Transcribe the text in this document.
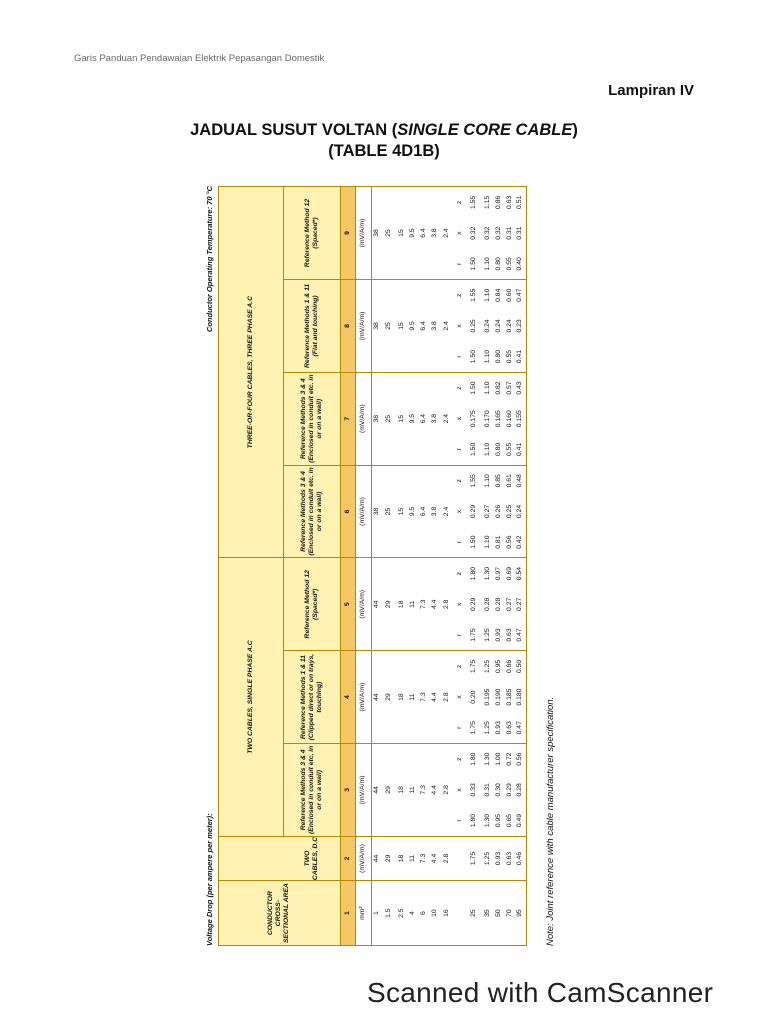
Garis Panduan Pendawaian Elektrik Pepasangan Domestik
Lampiran IV
JADUAL SUSUT VOLTAN (SINGLE CORE CABLE)
(TABLE 4D1B)
Voltage Drop (per ampere per meter):
Conductor Operating Temperature: 70 °C
CONDUCTOR CROSS-SECTIONAL AREA		TWO CABLES, SINGLE PHASE A.C									THREE-OR-FOUR CABLES, THREE PHASE A.C											
	TWO CABLES, D.C	Reference Methods 3 & 4 (Enclosed in conduit etc. in or on a wall)			Reference Methods 1 & 11 (Clipped direct or on trays, touching)			Reference Method 12 (Spaced*)			Reference Methods 3 & 4 (Enclosed in conduit etc. in or on a wall)			Reference Methods 3 & 4 (Enclosed in conduit etc. in or on a wall)			Reference Methods 1 & 11 (Flat and touching)			Reference Method 12 (Spaced*)		
1	2	3			4			5			6			7			8			9		
mm²	(mV/A/m)	(mV/A/m)			(mV/A/m)			(mV/A/m)			(mV/A/m)			(mV/A/m)			(mV/A/m)			(mV/A/m)		
1	44	44			44			44			38			38			38			38		
1.5	29	29			29			29			25			25			25			25		
2.5	18	18			18			18			15			15			15			15		
4	11	11			11			11			9.5			9.5			9.5			9.5		
6	7.3	7.3			7.3			7.3			6.4			6.4			6.4			6.4		
10	4.4	4.4			4.4			4.4			3.8			3.8			3.8			3.8		
16	2.8	2.8			2.8			2.8			2.4			2.4			2.4			2.4		
		r	x	z	r	x	z	r	x	z	r	x	z	r	x	z	r	x	z	r	x	z
25	1.75	1.80	0.33	1.80	1.75	0.20	1.75	1.75	0.29	1.80	1.50	0.29	1.55	1.50	0.175	1.50	1.50	0.25	1.55	1.50	0.32	1.55
35	1.25	1.30	0.31	1.30	1.25	0.195	1.25	1.25	0.28	1.30	1.10	0.27	1.10	1.10	0.170	1.10	1.10	0.24	1.10	1.10	0.32	1.15
50	0.93	0.95	0.30	1.00	0.93	0.190	0.95	0.93	0.28	0.97	0.81	0.26	0.85	0.80	0.165	0.82	0.80	0.24	0.84	0.80	0.32	0.86
70	0.63	0.65	0.29	0.72	0.63	0.185	0.66	0.63	0.27	0.69	0.56	0.25	0.61	0.55	0.160	0.57	0.55	0.24	0.60	0.55	0.31	0.63
95	0.46	0.49	0.28	0.56	0.47	0.180	0.50	0.47	0.27	0.54	0.42	0.24	0.48	0.41	0.155	0.43	0.41	0.23	0.47	0.40	0.31	0.51
Note: Joint reference with cable manufacturer specification.
Scanned with CamScanner
